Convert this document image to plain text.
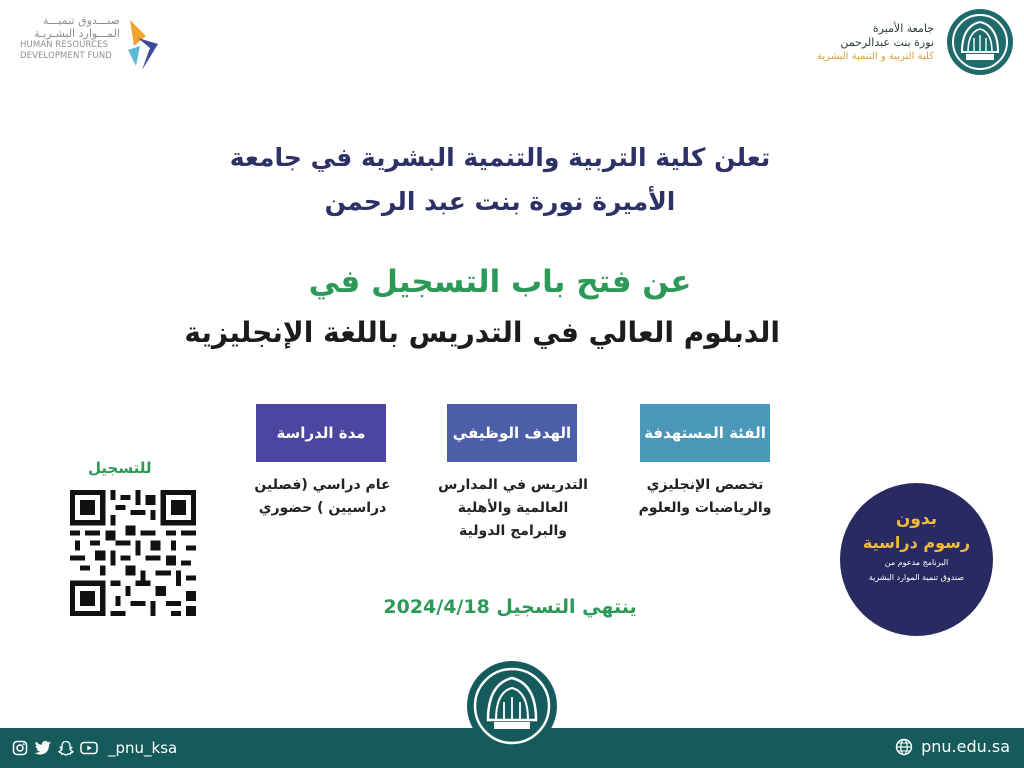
جامعة الأميرة
نورة بنت عبدالرحمن
كلية التربية و التنمية البشرية
صنـــدوق تنميـــة
المـــوارد البشـريـة
HUMAN RESOURCES
DEVELOPMENT FUND
تعلن كلية التربية والتنمية البشرية في جامعة
الأميرة نورة بنت عبد الرحمن
عن فتح باب التسجيل في
الدبلوم العالي في التدريس باللغة الإنجليزية
الفئة المستهدفة
تخصص الإنجليزي والرياضيات والعلوم
الهدف الوظيفي
التدريس في المدارس العالمية والأهلية والبرامج الدولية
مدة الدراسة
عام دراسي (فصلين دراسيين ) حضوري
للتسجيل
ينتهي التسجيل 2024/4/18
بدون
رسوم دراسية
البرنامج مدعوم من
صندوق تنمية الموارد البشرية
_pnu_ksa	pnu.edu.sa
